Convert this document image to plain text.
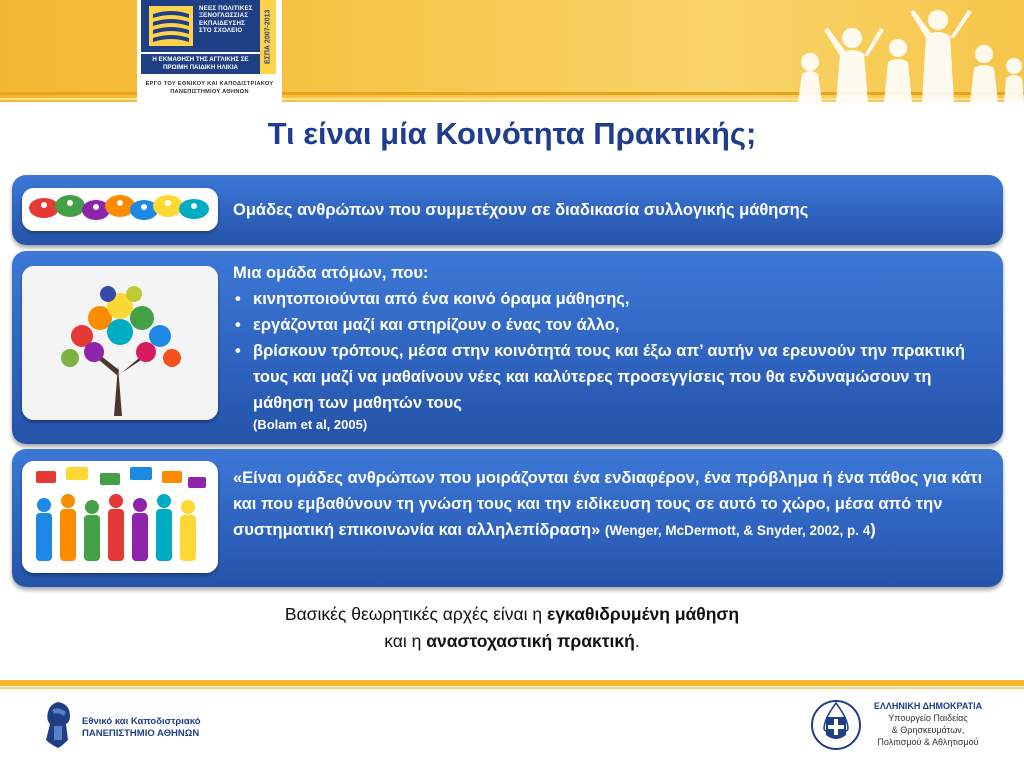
ΝΕΕΣ ΠΟΛΙΤΙΚΕΣ
ΞΕΝΟΓΛΩΣΣΙΑΣ
ΕΚΠΑΙΔΕΥΣΗΣ
ΣΤΟ ΣΧΟΛΕΙΟ	ΕΣΠΑ 2007-2013
Η ΕΚΜΑΘΗΣΗ ΤΗΣ ΑΓΓΛΙΚΗΣ ΣΕ
ΠΡΩΙΜΗ ΠΑΙΔΙΚΗ ΗΛΙΚΙΑ
ΕΡΓΟ ΤΟΥ ΕΘΝΙΚΟΥ ΚΑΙ ΚΑΠΟΔΙΣΤΡΙΑΚΟΥ
ΠΑΝΕΠΙΣΤΗΜΙΟΥ ΑΘΗΝΩΝ
Τι είναι μία Κοινότητα Πρακτικής;
Ομάδες ανθρώπων που συμμετέχουν σε διαδικασία συλλογικής μάθησης
Μια ομάδα ατόμων, που:
• κινητοποιούνται από ένα κοινό όραμα μάθησης,
• εργάζονται μαζί και στηρίζουν ο ένας τον άλλο,
• βρίσκουν τρόπους, μέσα στην κοινότητά τους και έξω απ’ αυτήν να ερευνούν την πρακτική τους και μαζί να μαθαίνουν νέες και καλύτερες προσεγγίσεις που θα ενδυναμώσουν τη μάθηση των μαθητών τους
(Bolam et al, 2005)
«Είναι ομάδες ανθρώπων που μοιράζονται ένα ενδιαφέρον, ένα πρόβλημα ή ένα πάθος για κάτι και που εμβαθύνουν τη γνώση τους και την ειδίκευση τους σε αυτό το χώρο, μέσα από την συστηματική επικοινωνία και αλληλεπίδραση» (Wenger, McDermott, & Snyder, 2002, p. 4)
Βασικές θεωρητικές αρχές είναι η εγκαθιδρυμένη μάθηση
και η αναστοχαστική πρακτική.
Εθνικό και Καποδιστριακό
ΠΑΝΕΠΙΣΤΗΜΙΟ ΑΘΗΝΩΝ
ΕΛΛΗΝΙΚΗ ΔΗΜΟΚΡΑΤΙΑ
Υπουργείο Παιδείας
& Θρησκευμάτων,
Πολιτισμού & Αθλητισμού
